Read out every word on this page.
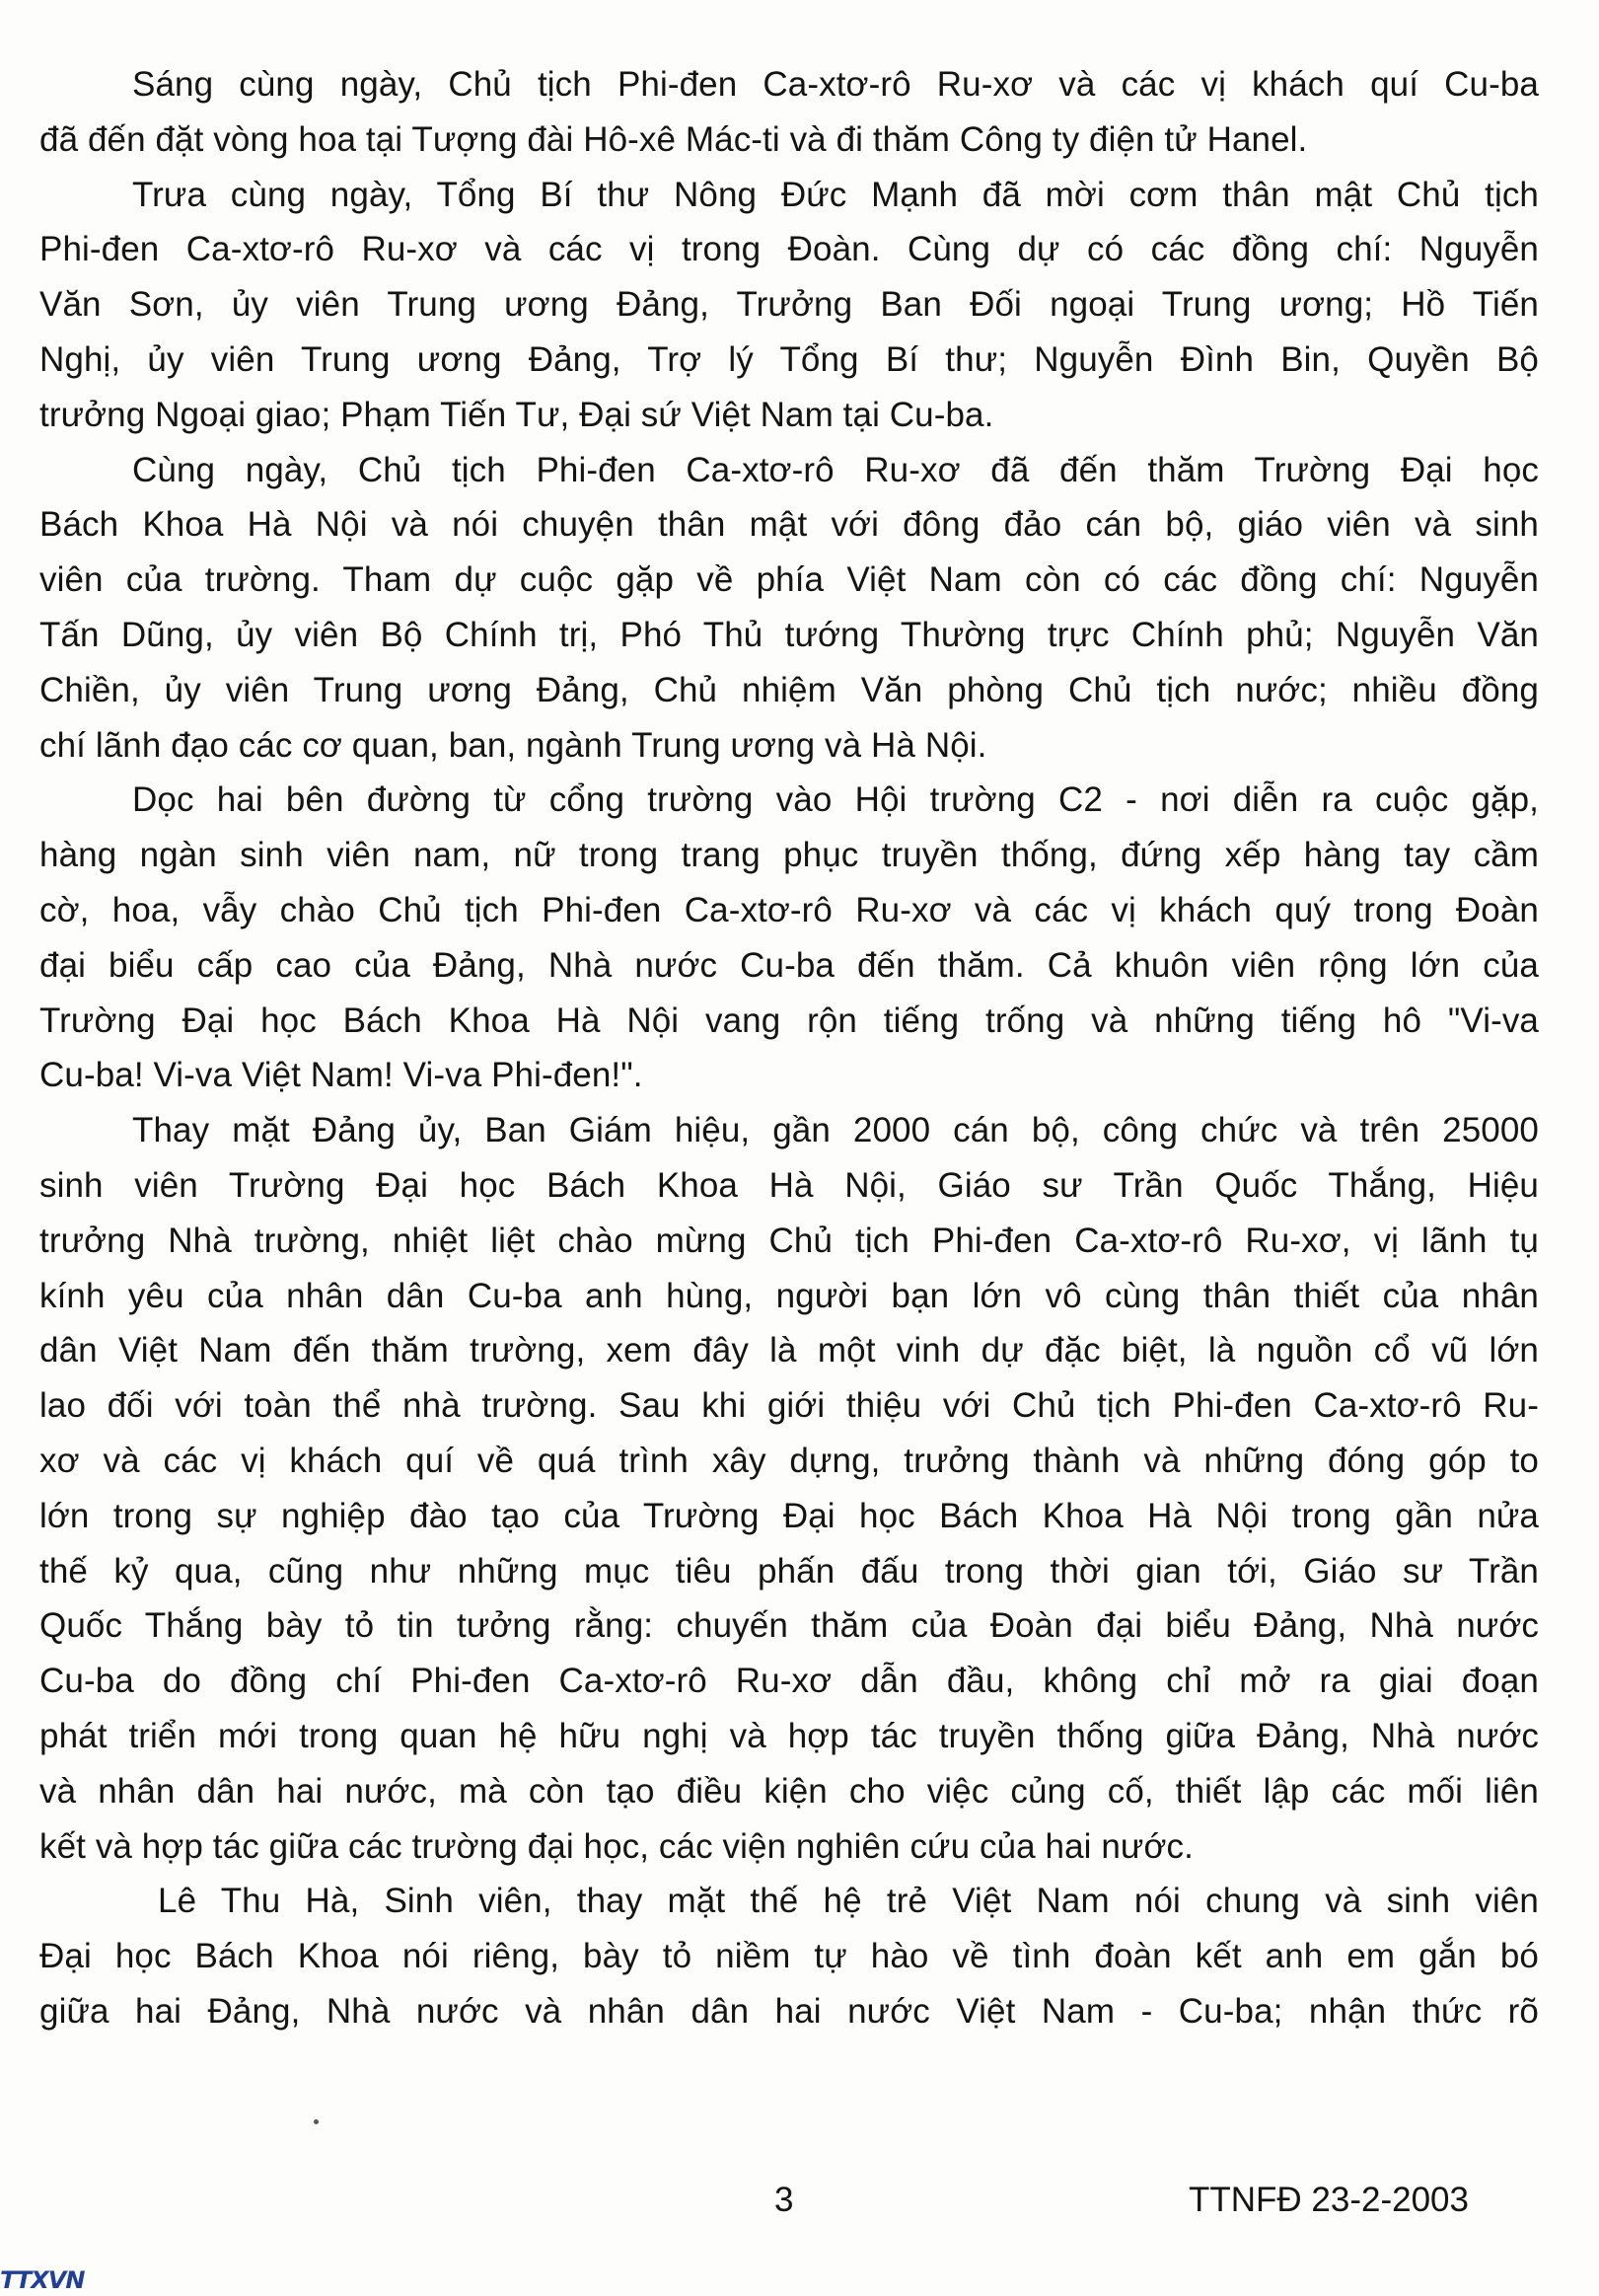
Sáng cùng ngày, Chủ tịch Phi-đen Ca-xtơ-rô Ru-xơ và các vị khách quí Cu-ba
đã đến đặt vòng hoa tại Tượng đài Hô-xê Mác-ti và đi thăm Công ty điện tử Hanel.
Trưa cùng ngày, Tổng Bí thư Nông Đức Mạnh đã mời cơm thân mật Chủ tịch
Phi-đen Ca-xtơ-rô Ru-xơ và các vị trong Đoàn. Cùng dự có các đồng chí: Nguyễn
Văn Sơn, ủy viên Trung ương Đảng, Trưởng Ban Đối ngoại Trung ương; Hồ Tiến
Nghị, ủy viên Trung ương Đảng, Trợ lý Tổng Bí thư; Nguyễn Đình Bin, Quyền Bộ
trưởng Ngoại giao; Phạm Tiến Tư, Đại sứ Việt Nam tại Cu-ba.
Cùng ngày, Chủ tịch Phi-đen Ca-xtơ-rô Ru-xơ đã đến thăm Trường Đại học
Bách Khoa Hà Nội và nói chuyện thân mật với đông đảo cán bộ, giáo viên và sinh
viên của trường. Tham dự cuộc gặp về phía Việt Nam còn có các đồng chí: Nguyễn
Tấn Dũng, ủy viên Bộ Chính trị, Phó Thủ tướng Thường trực Chính phủ; Nguyễn Văn
Chiền, ủy viên Trung ương Đảng, Chủ nhiệm Văn phòng Chủ tịch nước; nhiều đồng
chí lãnh đạo các cơ quan, ban, ngành Trung ương và Hà Nội.
Dọc hai bên đường từ cổng trường vào Hội trường C2 - nơi diễn ra cuộc gặp,
hàng ngàn sinh viên nam, nữ trong trang phục truyền thống, đứng xếp hàng tay cầm
cờ, hoa, vẫy chào Chủ tịch Phi-đen Ca-xtơ-rô Ru-xơ và các vị khách quý trong Đoàn
đại biểu cấp cao của Đảng, Nhà nước Cu-ba đến thăm. Cả khuôn viên rộng lớn của
Trường Đại học Bách Khoa Hà Nội vang rộn tiếng trống và những tiếng hô "Vi-va
Cu-ba! Vi-va Việt Nam! Vi-va Phi-đen!".
Thay mặt Đảng ủy, Ban Giám hiệu, gần 2000 cán bộ, công chức và trên 25000
sinh viên Trường Đại học Bách Khoa Hà Nội, Giáo sư Trần Quốc Thắng, Hiệu
trưởng Nhà trường, nhiệt liệt chào mừng Chủ tịch Phi-đen Ca-xtơ-rô Ru-xơ, vị lãnh tụ
kính yêu của nhân dân Cu-ba anh hùng, người bạn lớn vô cùng thân thiết của nhân
dân Việt Nam đến thăm trường, xem đây là một vinh dự đặc biệt, là nguồn cổ vũ lớn
lao đối với toàn thể nhà trường. Sau khi giới thiệu với Chủ tịch Phi-đen Ca-xtơ-rô Ru-
xơ và các vị khách quí về quá trình xây dựng, trưởng thành và những đóng góp to
lớn trong sự nghiệp đào tạo của Trường Đại học Bách Khoa Hà Nội trong gần nửa
thế kỷ qua, cũng như những mục tiêu phấn đấu trong thời gian tới, Giáo sư Trần
Quốc Thắng bày tỏ tin tưởng rằng: chuyến thăm của Đoàn đại biểu Đảng, Nhà nước
Cu-ba do đồng chí Phi-đen Ca-xtơ-rô Ru-xơ dẫn đầu, không chỉ mở ra giai đoạn
phát triển mới trong quan hệ hữu nghị và hợp tác truyền thống giữa Đảng, Nhà nước
và nhân dân hai nước, mà còn tạo điều kiện cho việc củng cố, thiết lập các mối liên
kết và hợp tác giữa các trường đại học, các viện nghiên cứu của hai nước.
Lê Thu Hà, Sinh viên, thay mặt thế hệ trẻ Việt Nam nói chung và sinh viên
Đại học Bách Khoa nói riêng, bày tỏ niềm tự hào về tình đoàn kết anh em gắn bó
giữa hai Đảng, Nhà nước và nhân dân hai nước Việt Nam - Cu-ba; nhận thức rõ
3	TTNFĐ 23-2-2003
TTXVN
